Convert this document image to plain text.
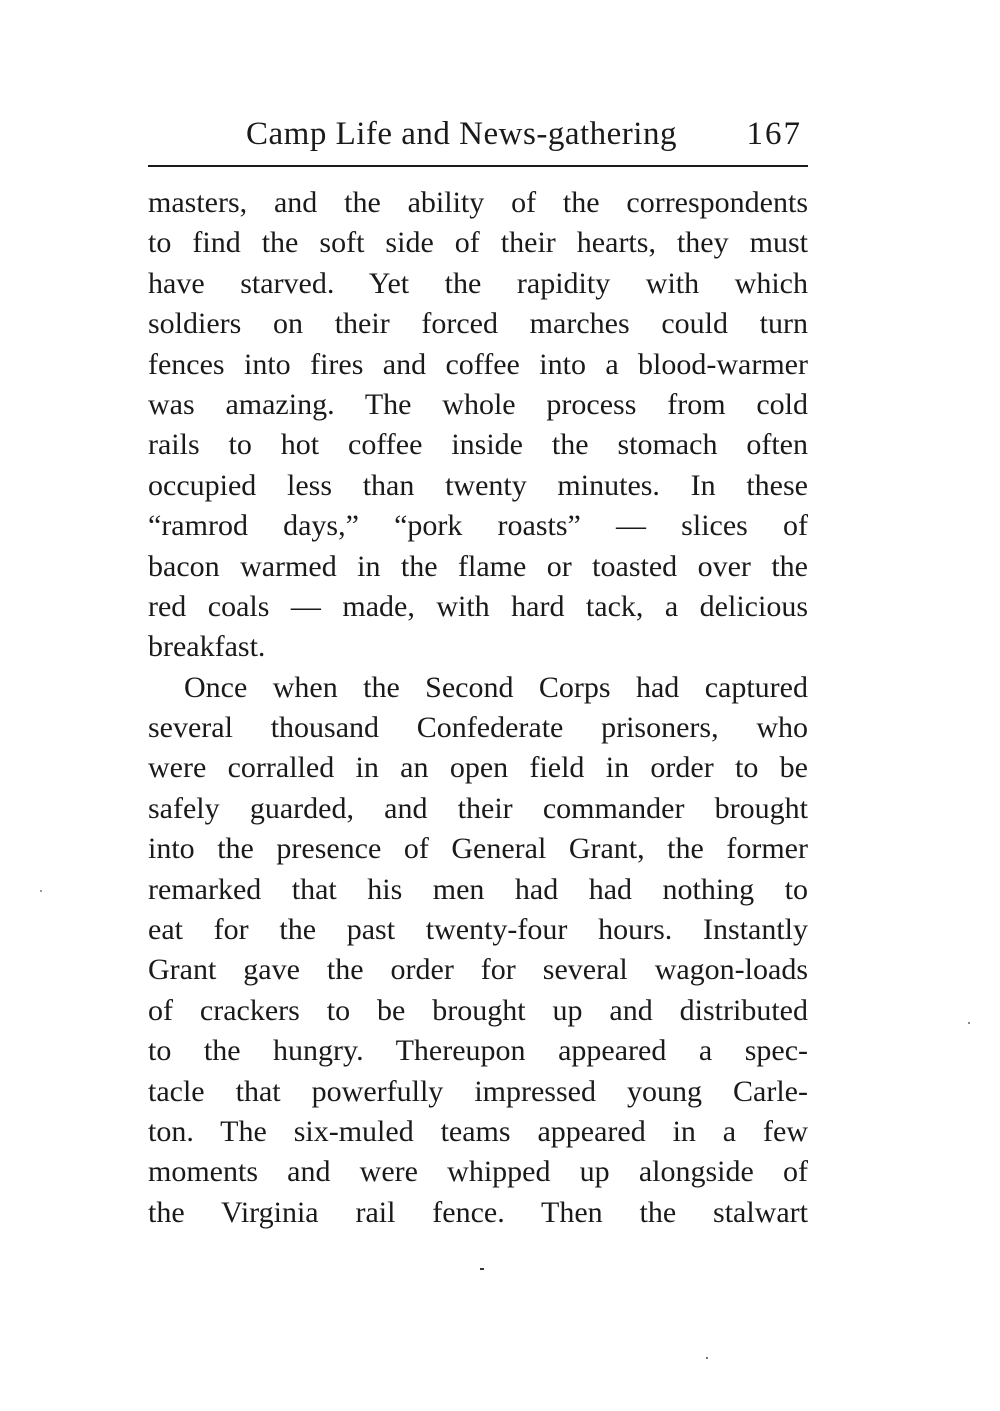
Camp Life and News-gathering 167
masters, and the ability of the correspondents
to find the soft side of their hearts, they must
have starved. Yet the rapidity with which
soldiers on their forced marches could turn
fences into fires and coffee into a blood-warmer
was amazing. The whole process from cold
rails to hot coffee inside the stomach often
occupied less than twenty minutes. In these
“ramrod days,” “pork roasts” — slices of
bacon warmed in the flame or toasted over the
red coals — made, with hard tack, a delicious
breakfast.
Once when the Second Corps had captured
several thousand Confederate prisoners, who
were corralled in an open field in order to be
safely guarded, and their commander brought
into the presence of General Grant, the former
remarked that his men had had nothing to
eat for the past twenty-four hours. Instantly
Grant gave the order for several wagon-loads
of crackers to be brought up and distributed
to the hungry. Thereupon appeared a spec-
tacle that powerfully impressed young Carle-
ton. The six-muled teams appeared in a few
moments and were whipped up alongside of
the Virginia rail fence. Then the stalwart
